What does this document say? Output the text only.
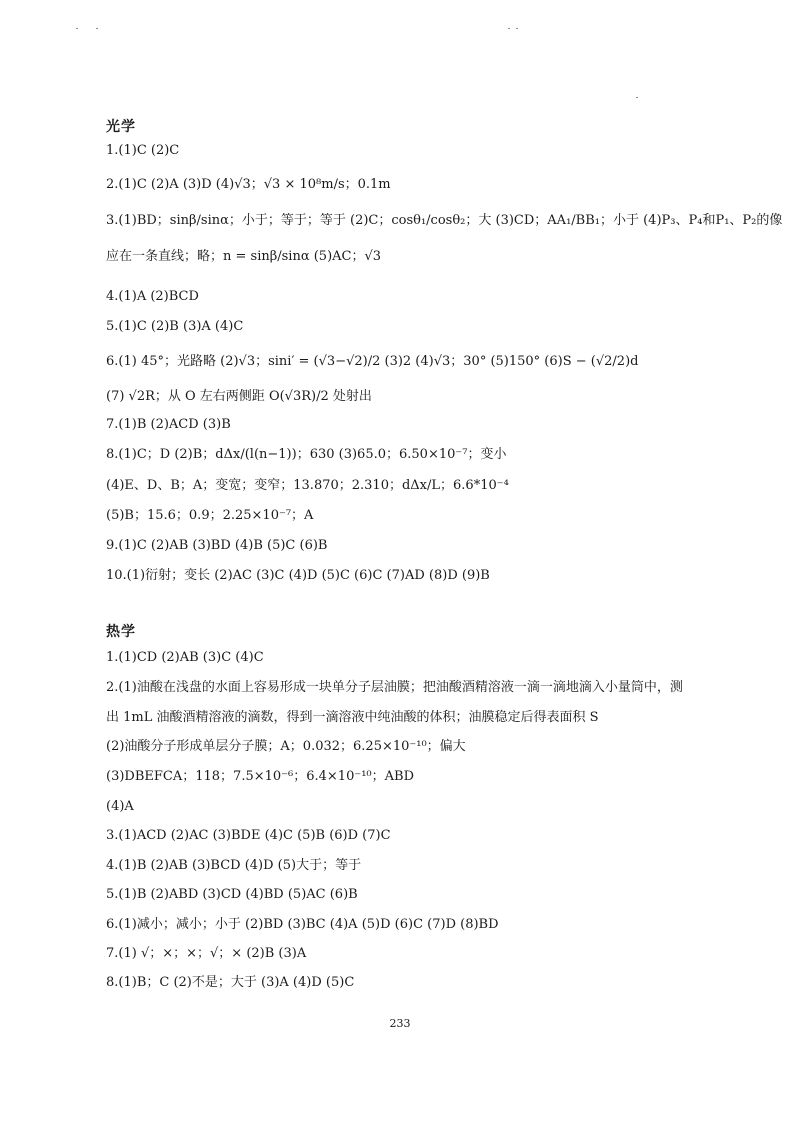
光学
1.(1)C (2)C
2.(1)C (2)A (3)D (4)√3；√3 × 10⁸m/s；0.1m
3.(1)BD；sinβ/sinα；小于；等于；等于 (2)C；cosθ₁/cosθ₂；大 (3)CD；AA₁/BB₁；小于 (4)P₃、P₄和P₁、P₂的像
应在一条直线；略；n = sinβ/sinα (5)AC；√3
4.(1)A (2)BCD
5.(1)C (2)B (3)A (4)C
6.(1) 45°；光路略 (2)√3；sini′ = (√3−√2)/2 (3)2 (4)√3；30° (5)150° (6)S − (√2/2)d
(7) √2R；从 O 左右两侧距 O(√3R)/2 处射出
7.(1)B (2)ACD (3)B
8.(1)C；D (2)B；dΔx/(l(n−1))；630 (3)65.0；6.50×10⁻⁷；变小
(4)E、D、B；A；变宽；变窄；13.870；2.310；dΔx/L；6.6*10⁻⁴
(5)B；15.6；0.9；2.25×10⁻⁷；A
9.(1)C (2)AB (3)BD (4)B (5)C (6)B
10.(1)衍射；变长 (2)AC (3)C (4)D (5)C (6)C (7)AD (8)D (9)B
热学
1.(1)CD (2)AB (3)C (4)C
2.(1)油酸在浅盘的水面上容易形成一块单分子层油膜；把油酸酒精溶液一滴一滴地滴入小量筒中，测
出 1mL 油酸酒精溶液的滴数，得到一滴溶液中纯油酸的体积；油膜稳定后得表面积 S
(2)油酸分子形成单层分子膜；A；0.032；6.25×10⁻¹⁰；偏大
(3)DBEFCA；118；7.5×10⁻⁶；6.4×10⁻¹⁰；ABD
(4)A
3.(1)ACD (2)AC (3)BDE (4)C (5)B (6)D (7)C
4.(1)B (2)AB (3)BCD (4)D (5)大于；等于
5.(1)B (2)ABD (3)CD (4)BD (5)AC (6)B
6.(1)减小；减小；小于 (2)BD (3)BC (4)A (5)D (6)C (7)D (8)BD
7.(1) √；×；×；√；× (2)B (3)A
8.(1)B；C (2)不是；大于 (3)A (4)D (5)C
233
